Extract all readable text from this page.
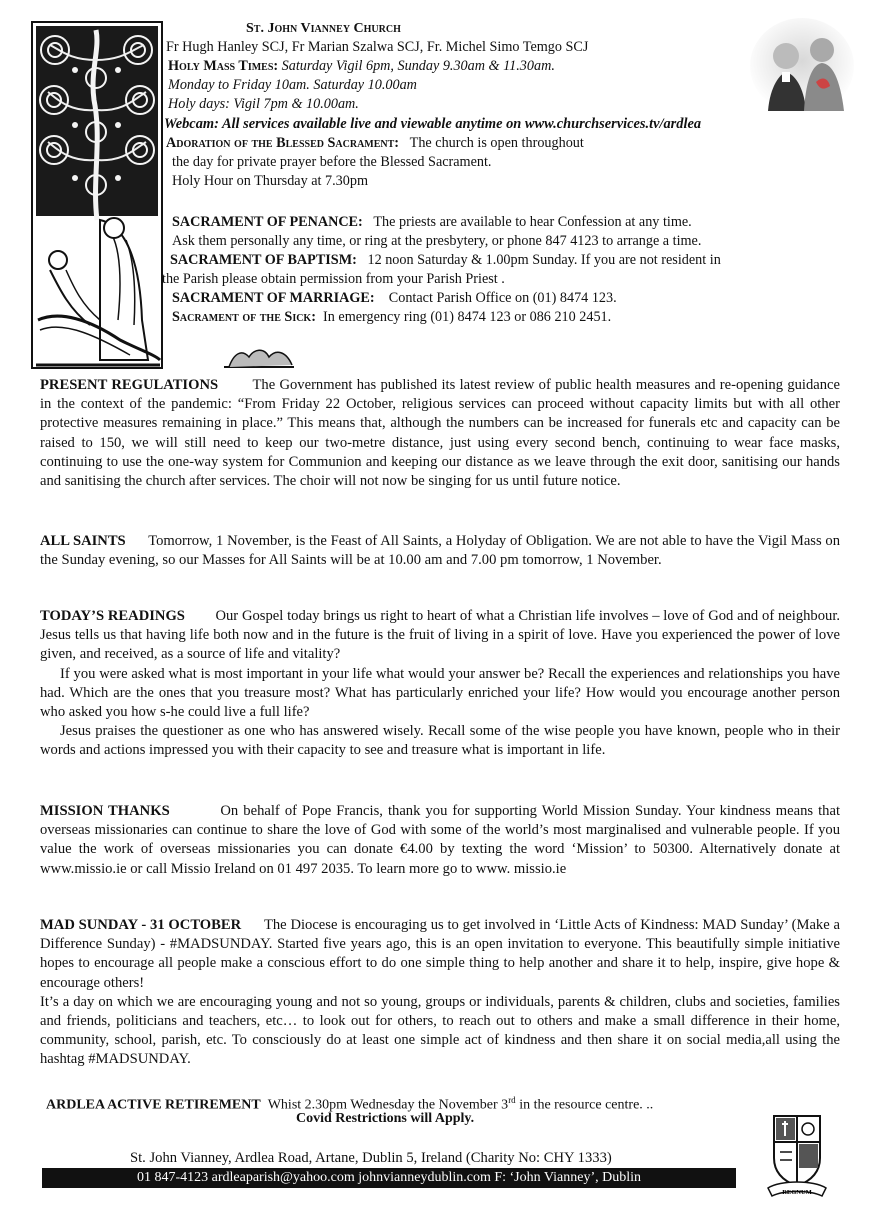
St. John Vianney Church
Fr Hugh Hanley SCJ, Fr Marian Szalwa SCJ, Fr. Michel Simo Temgo SCJ
Holy Mass Times: Saturday Vigil 6pm, Sunday 9.30am & 11.30am.
Monday to Friday 10am. Saturday 10.00am
Holy days: Vigil 7pm & 10.00am.
Webcam: All services available live and viewable anytime on www.churchservices.tv/ardlea
Adoration of the Blessed Sacrament: The church is open throughout
the day for private prayer before the Blessed Sacrament.
Holy Hour on Thursday at 7.30pm
SACRAMENT OF PENANCE: The priests are available to hear Confession at any time.
Ask them personally any time, or ring at the presbytery, or phone 847 4123 to arrange a time.
SACRAMENT OF BAPTISM: 12 noon Saturday & 1.00pm Sunday. If you are not resident in
the Parish please obtain permission from your Parish Priest .
SACRAMENT OF MARRIAGE: Contact Parish Office on (01) 8474 123.
Sacrament of the Sick: In emergency ring (01) 8474 123 or 086 210 2451.

PRESENT REGULATIONS The Government has published its latest review of public health measures and re-opening guidance in the context of the pandemic: “From Friday 22 October, religious services can proceed without capacity limits but with all other protective measures remaining in place.” This means that, although the numbers can be increased for funerals etc and capacity can be raised to 150, we will still need to keep our two-metre distance, just using every second bench, continuing to wear face masks, continuing to use the one-way system for Communion and keeping our distance as we leave through the exit door, sanitising our hands and sanitising the church after services. The choir will not now be singing for us until future notice.

ALL SAINTS Tomorrow, 1 November, is the Feast of All Saints, a Holyday of Obligation. We are not able to have the Vigil Mass on the Sunday evening, so our Masses for All Saints will be at 10.00 am and 7.00 pm tomorrow, 1 November.

TODAY’S READINGS Our Gospel today brings us right to heart of what a Christian life involves – love of God and of neighbour. Jesus tells us that having life both now and in the future is the fruit of living in a spirit of love. Have you experienced the power of love given, and received, as a source of life and vitality?

If you were asked what is most important in your life what would your answer be? Recall the experiences and relationships you have had. Which are the ones that you treasure most? What has particularly enriched your life? How would you encourage another person who asked you how s-he could live a full life?

Jesus praises the questioner as one who has answered wisely. Recall some of the wise people you have known, people who in their words and actions impressed you with their capacity to see and treasure what is important in life.

MISSION THANKS	On behalf of Pope Francis, thank you for supporting World Mission Sunday. Your kindness means that overseas missionaries can continue to share the love of God with some of the world’s most marginalised and vulnerable people. If you value the work of overseas missionaries you can donate €4.00 by texting the word ‘Mission’ to 50300. Alternatively donate at www.missio.ie or call Missio Ireland on 01 497 2035. To learn more go to www. missio.ie

MAD SUNDAY - 31 OCTOBER The Diocese is encouraging us to get involved in ‘Little Acts of Kindness: MAD Sunday’ (Make a Difference Sunday) - #MADSUNDAY. Started five years ago, this is an open invitation to everyone. This beautifully simple initiative hopes to encourage all people make a conscious effort to do one simple thing to help another and share it to help, inspire, give hope & encourage others!

It’s a day on which we are encouraging young and not so young, groups or individuals, parents & children, clubs and societies, families and friends, politicians and teachers, etc… to look out for others, to reach out to others and make a small difference in their home, community, school, parish, etc. To consciously do at least one simple act of kindness and then share it on social media,all using the hashtag #MADSUNDAY.

ARDLEA ACTIVE RETIREMENT Whist 2.30pm Wednesday the November 3rd in the resource centre. ..
Covid Restrictions will Apply.
St. John Vianney, Ardlea Road, Artane, Dublin 5, Ireland (Charity No: CHY 1333)
01 847-4123 ardleaparish@yahoo.com johnvianneydublin.com F: ‘John Vianney’, Dublin
REGNUM
